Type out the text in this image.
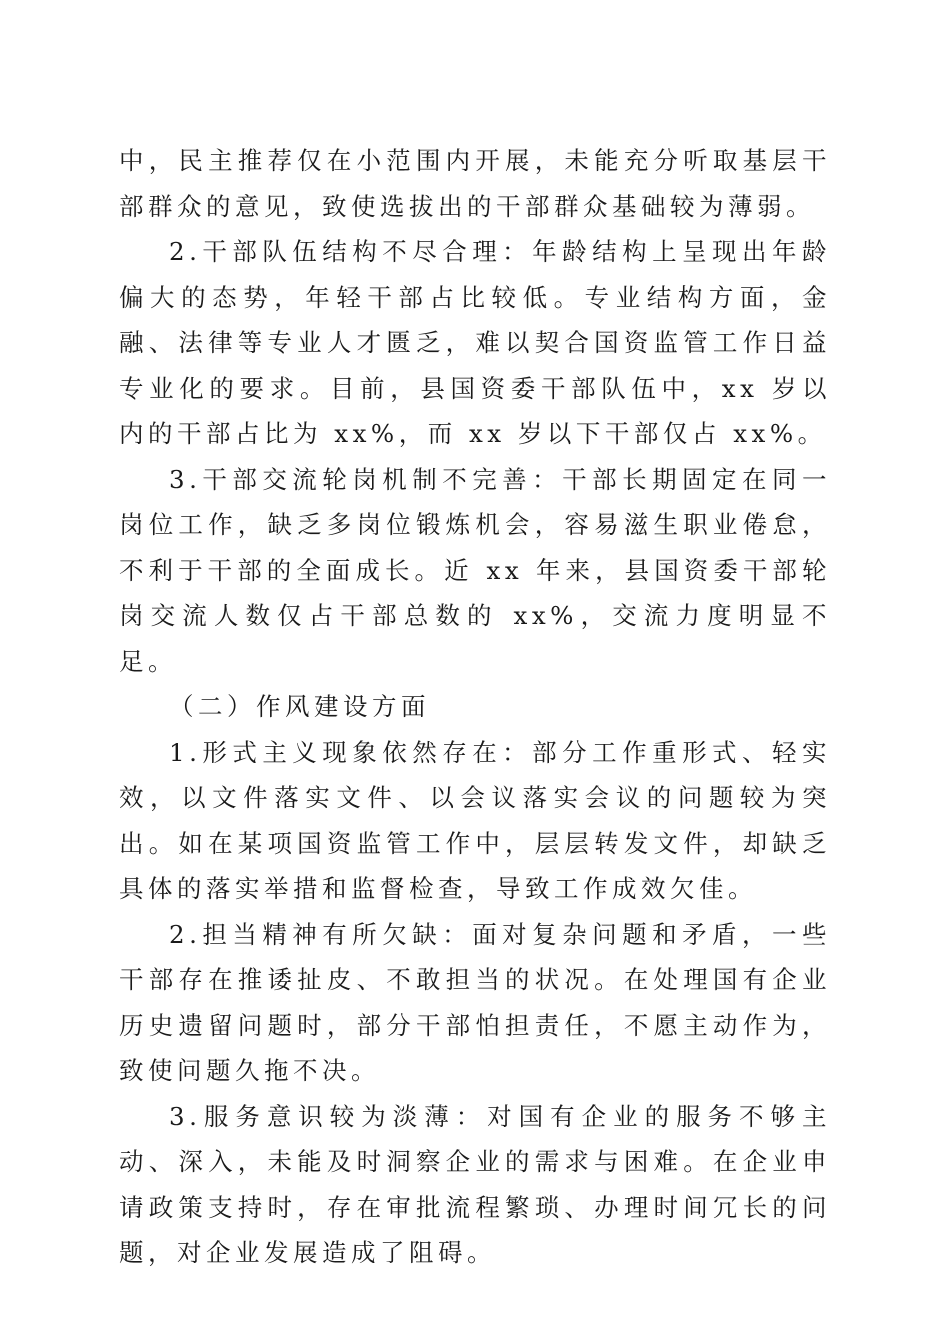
中，民主推荐仅在小范围内开展，未能充分听取基层干部群众的意见，致使选拔出的干部群众基础较为薄弱。

2.干部队伍结构不尽合理：年龄结构上呈现出年龄偏大的态势，年轻干部占比较低。专业结构方面，金融、法律等专业人才匮乏，难以契合国资监管工作日益专业化的要求。目前，县国资委干部队伍中，xx 岁以内的干部占比为 xx%，而 xx 岁以下干部仅占 xx%。

3.干部交流轮岗机制不完善：干部长期固定在同一岗位工作，缺乏多岗位锻炼机会，容易滋生职业倦怠，不利于干部的全面成长。近 xx 年来，县国资委干部轮岗交流人数仅占干部总数的 xx%，交流力度明显不足。

（二）作风建设方面

1.形式主义现象依然存在：部分工作重形式、轻实效，以文件落实文件、以会议落实会议的问题较为突出。如在某项国资监管工作中，层层转发文件，却缺乏具体的落实举措和监督检查，导致工作成效欠佳。

2.担当精神有所欠缺：面对复杂问题和矛盾，一些干部存在推诿扯皮、不敢担当的状况。在处理国有企业历史遗留问题时，部分干部怕担责任，不愿主动作为，致使问题久拖不决。

3.服务意识较为淡薄：对国有企业的服务不够主动、深入，未能及时洞察企业的需求与困难。在企业申请政策支持时，存在审批流程繁琐、办理时间冗长的问题，对企业发展造成了阻碍。
